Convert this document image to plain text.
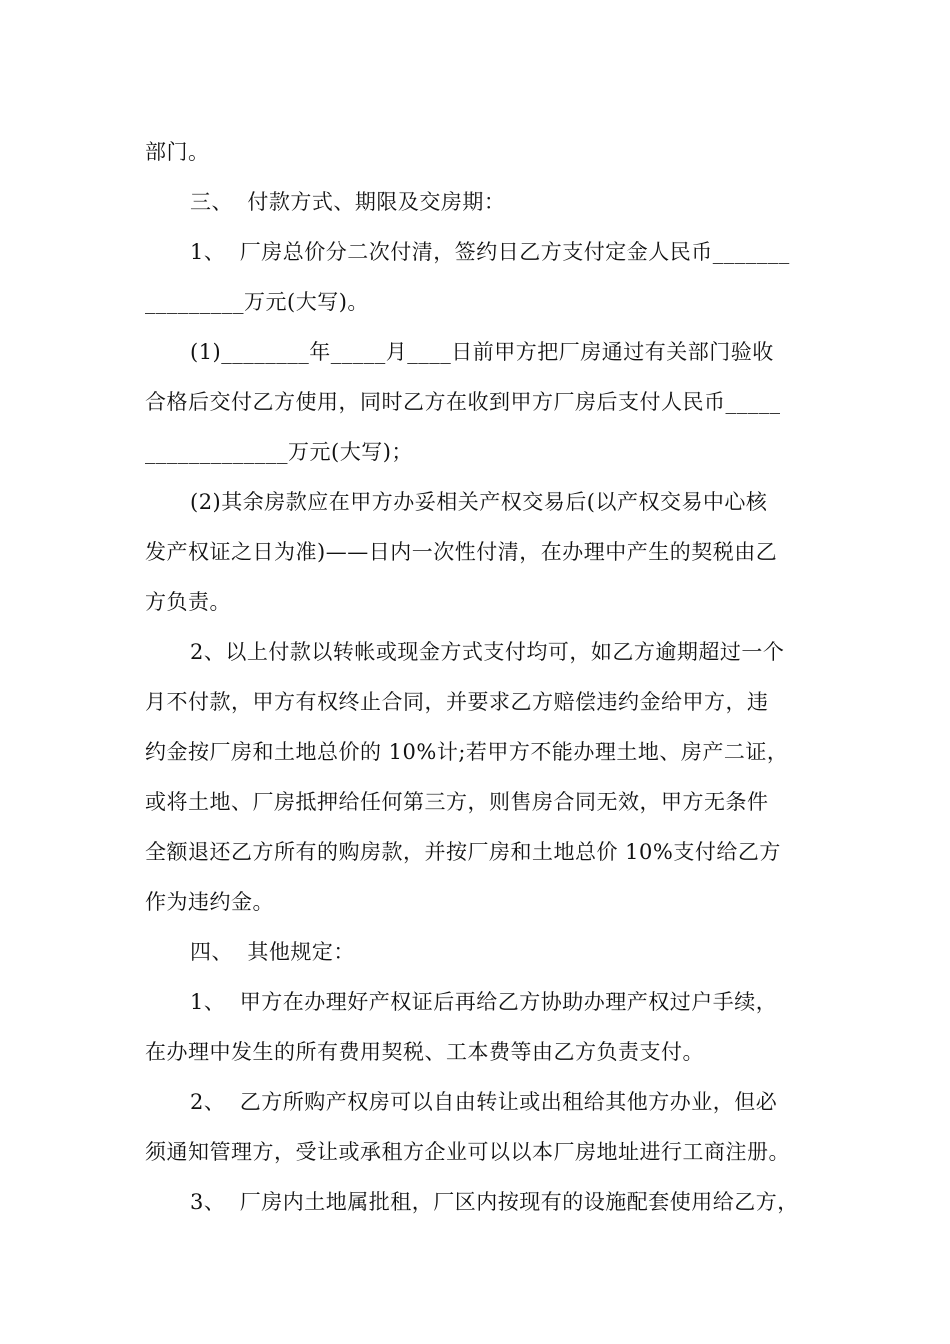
部门。
三、  付款方式、期限及交房期：
1、  厂房总价分二次付清，签约日乙方支付定金人民币_______
_________万元(大写)。
(1)________年_____月____日前甲方把厂房通过有关部门验收
合格后交付乙方使用，同时乙方在收到甲方厂房后支付人民币_____
_____________万元(大写)；
(2)其余房款应在甲方办妥相关产权交易后(以产权交易中心核
发产权证之日为准)——日内一次性付清，在办理中产生的契税由乙
方负责。
2、以上付款以转帐或现金方式支付均可，如乙方逾期超过一个
月不付款，甲方有权终止合同，并要求乙方赔偿违约金给甲方，违
约金按厂房和土地总价的 10%计;若甲方不能办理土地、房产二证，
或将土地、厂房抵押给任何第三方，则售房合同无效，甲方无条件
全额退还乙方所有的购房款，并按厂房和土地总价 10%支付给乙方
作为违约金。
四、  其他规定：
1、  甲方在办理好产权证后再给乙方协助办理产权过户手续，
在办理中发生的所有费用契税、工本费等由乙方负责支付。
2、  乙方所购产权房可以自由转让或出租给其他方办业，但必
须通知管理方，受让或承租方企业可以以本厂房地址进行工商注册。
3、  厂房内土地属批租，厂区内按现有的设施配套使用给乙方，
